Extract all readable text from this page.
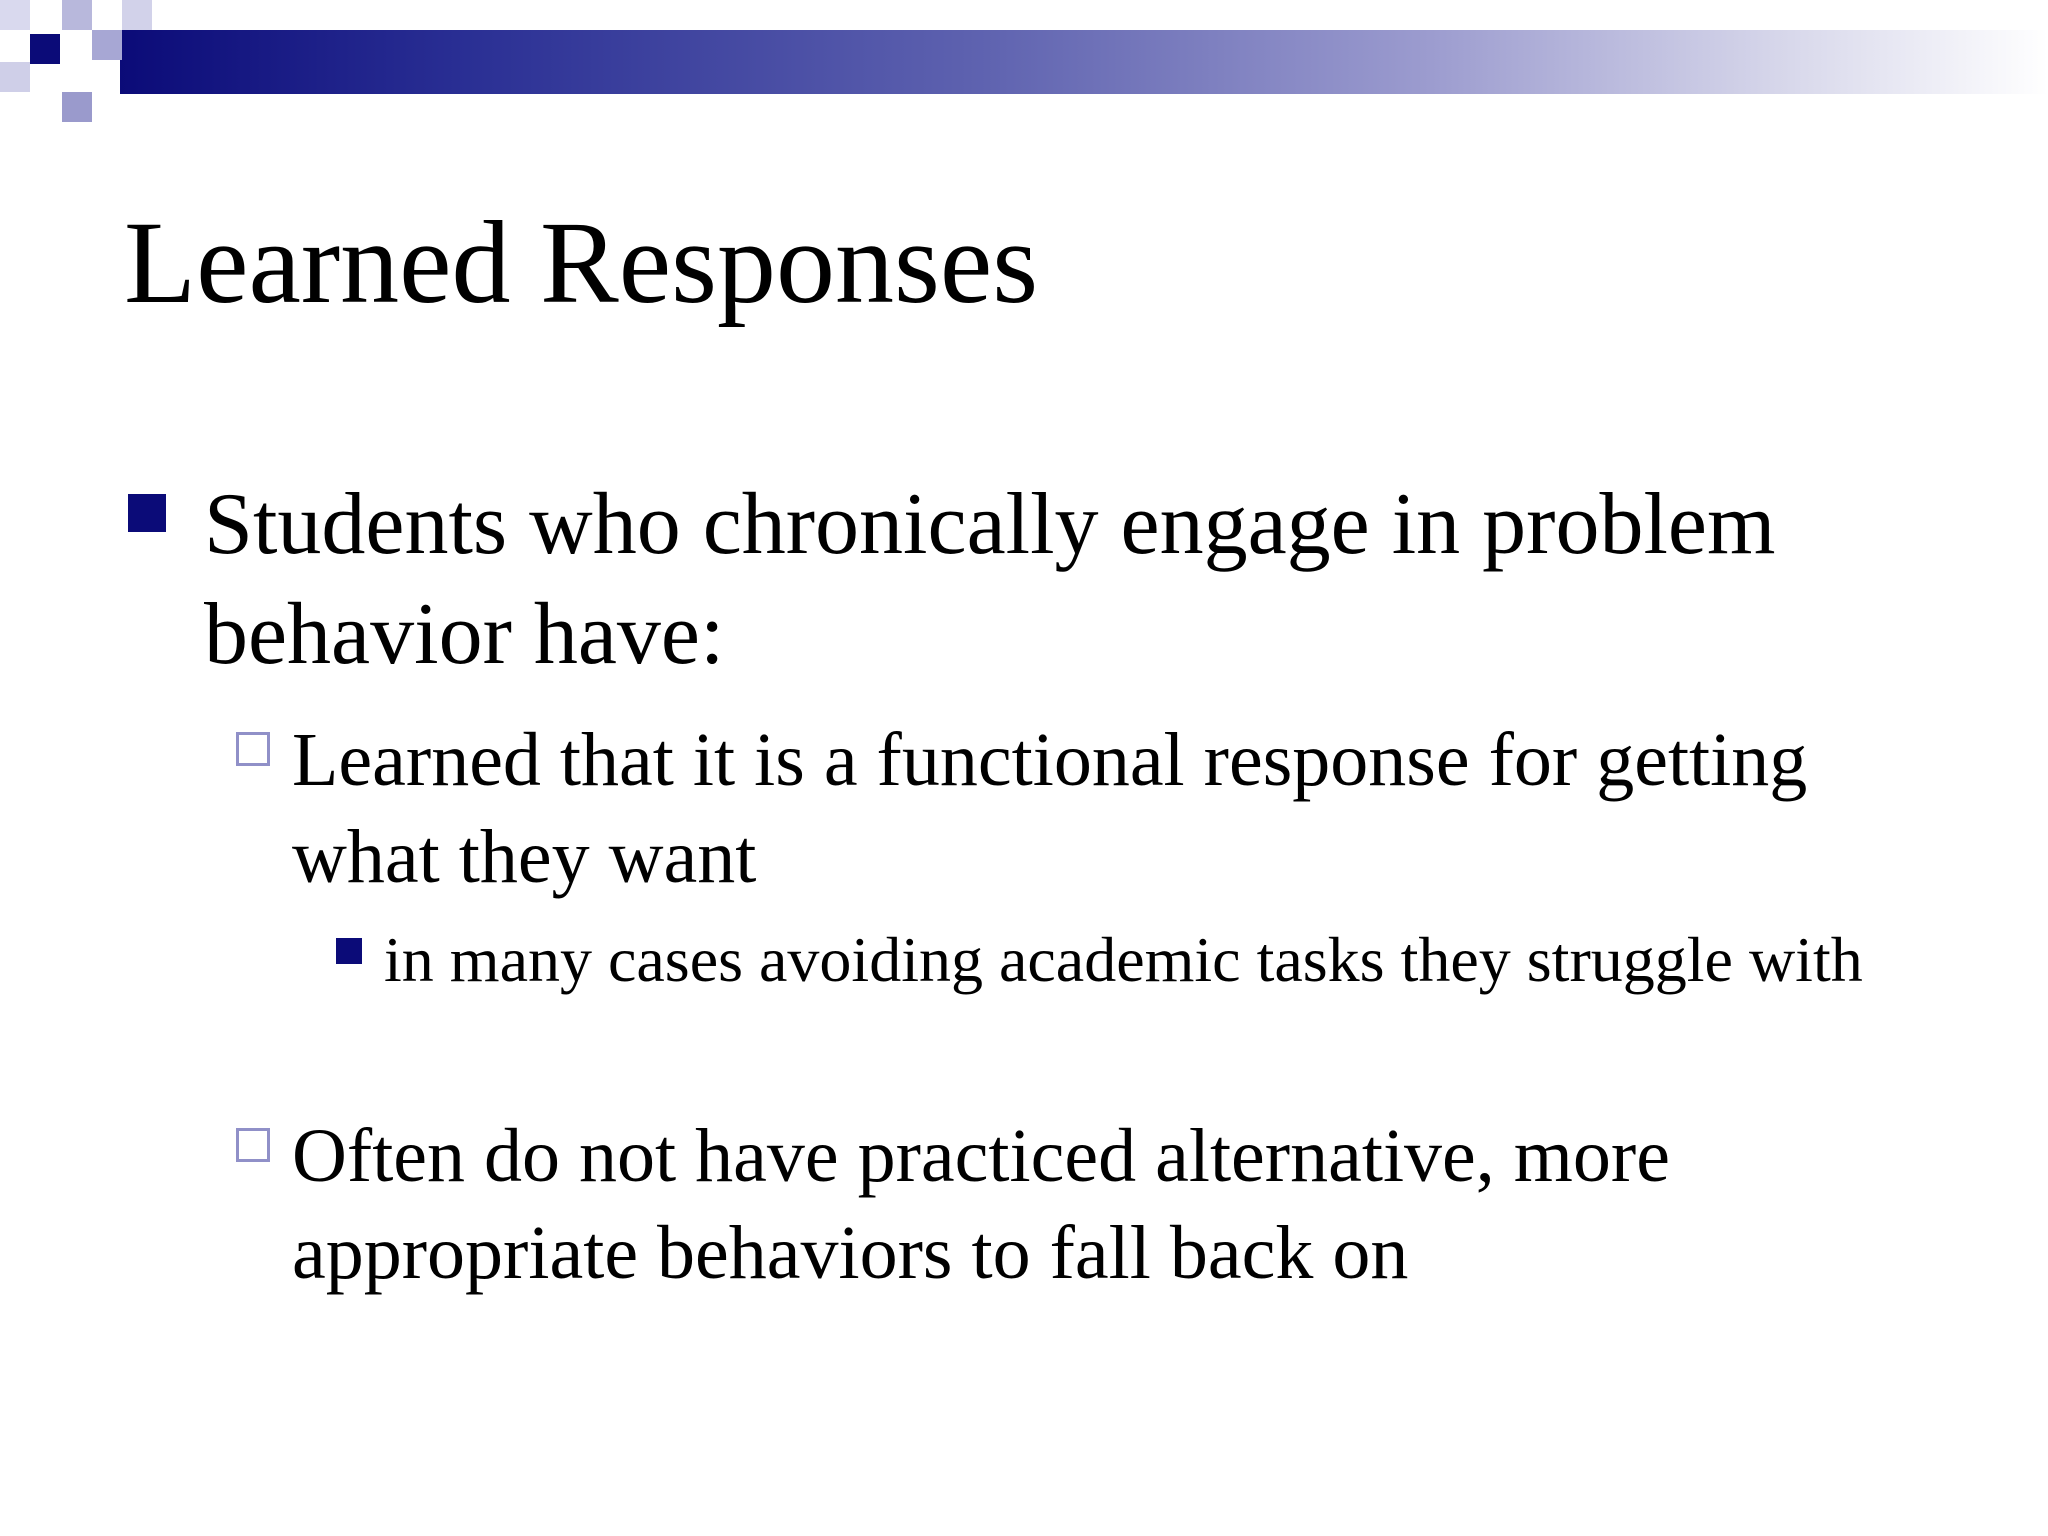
Learned Responses
Students who chronically engage in problem behavior have:
Learned that it is a functional response for getting what they want
in many cases avoiding academic tasks they struggle with
Often do not have practiced alternative, more appropriate behaviors to fall back on
